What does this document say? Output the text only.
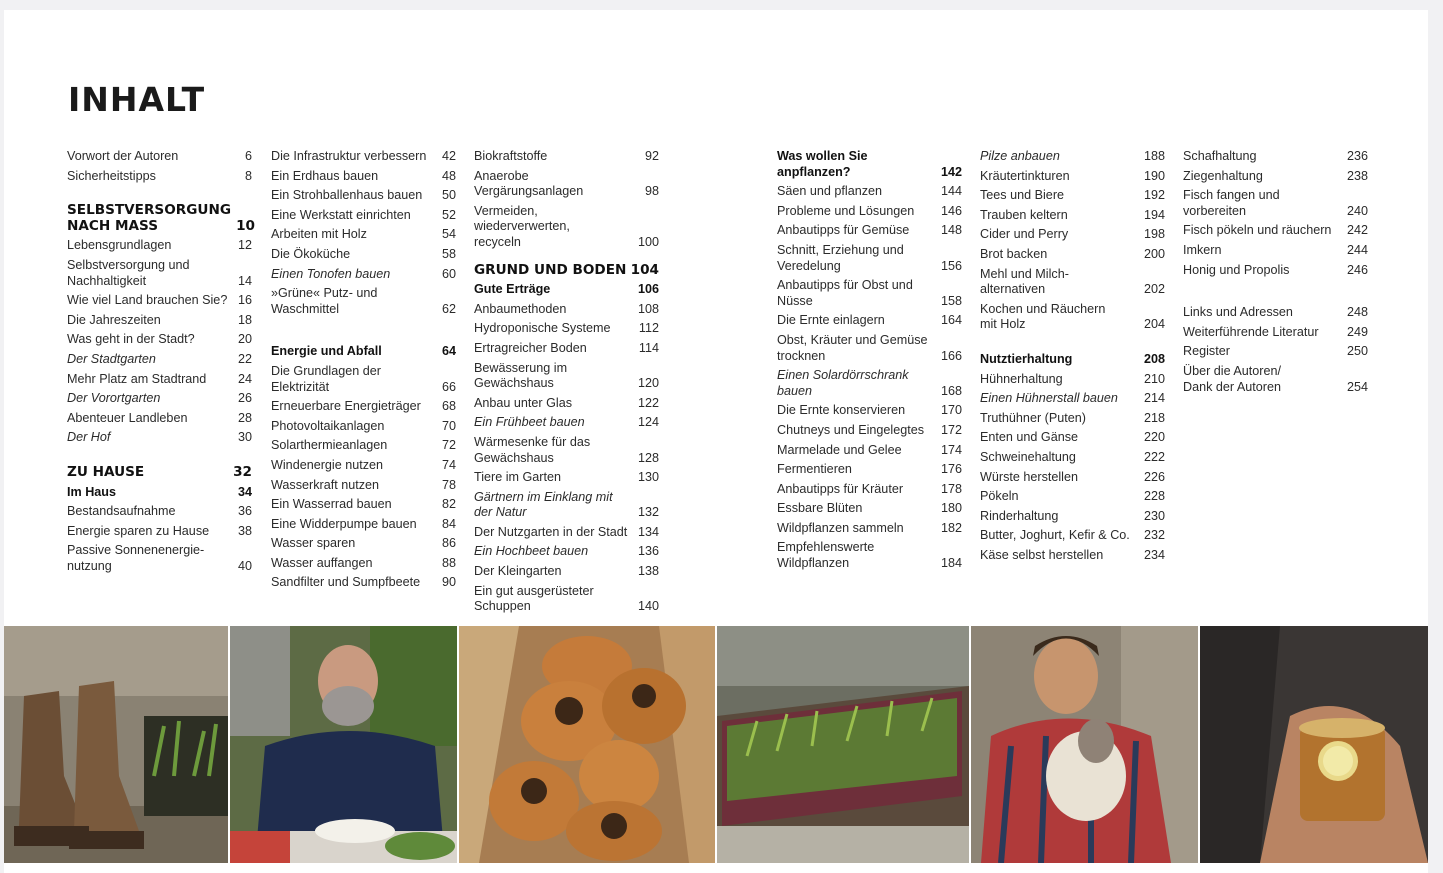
INHALT
Vorwort der Autoren	6
Sicherheitstipps	8
SELBSTVERSORGUNG
NACH MASS	10
Lebensgrundlagen	12
Selbstversorgung und
Nachhaltigkeit	14
Wie viel Land brauchen Sie? 16
Die Jahreszeiten	18
Was geht in der Stadt?	20
Der Stadtgarten	22
Mehr Platz am Stadtrand	24
Der Vorortgarten	26
Abenteuer Landleben	28
Der Hof	30
ZU HAUSE	32
Im Haus	34
Bestandsaufnahme	36
Energie sparen zu Hause	38
Passive Sonnenenergie-
nutzung	40
Die Infrastruktur verbessern	42
Ein Erdhaus bauen	48
Ein Strohballenhaus bauen	50
Eine Werkstatt einrichten	52
Arbeiten mit Holz	54
Die Ökoküche	58
Einen Tonofen bauen	60
»Grüne« Putz- und
Waschmittel	62
Energie und Abfall	64
Die Grundlagen der
Elektrizität	66
Erneuerbare Energieträger	68
Photovoltaikanlagen	70
Solarthermieanlagen	72
Windenergie nutzen	74
Wasserkraft nutzen	78
Ein Wasserrad bauen	82
Eine Widderpumpe bauen	84
Wasser sparen	86
Wasser auffangen	88
Sandfilter und Sumpfbeete	90
Biokraftstoffe	92
Anaerobe Vergärungsanlagen	98
Vermeiden, wiederverwerten,
recyceln	100
GRUND UND BODEN 104
Gute Erträge	106
Anbaumethoden	108
Hydroponische Systeme	112
Ertragreicher Boden	114
Bewässerung im
Gewächshaus	120
Anbau unter Glas	122
Ein Frühbeet bauen	124
Wärmesenke für das
Gewächshaus	128
Tiere im Garten	130
Gärtnern im Einklang mit
der Natur	132
Der Nutzgarten in der Stadt 134
Ein Hochbeet bauen	136
Der Kleingarten	138
Ein gut ausgerüsteter
Schuppen	140
Was wollen Sie
anpflanzen?	142
Säen und pflanzen	144
Probleme und Lösungen	146
Anbautipps für Gemüse	148
Schnitt, Erziehung und
Veredelung	156
Anbautipps für Obst und
Nüsse	158
Die Ernte einlagern	164
Obst, Kräuter und Gemüse
trocknen	166
Einen Solardörrschrank
bauen	168
Die Ernte konservieren	170
Chutneys und Eingelegtes	172
Marmelade und Gelee	174
Fermentieren	176
Anbautipps für Kräuter	178
Essbare Blüten	180
Wildpflanzen sammeln	182
Empfehlenswerte
Wildpflanzen	184
Pilze anbauen	188
Kräutertinkturen	190
Tees und Biere	192
Trauben keltern	194
Cider und Perry	198
Brot backen	200
Mehl und Milch-
alternativen	202
Kochen und Räuchern
mit Holz	204
Nutztierhaltung	208
Hühnerhaltung	210
Einen Hühnerstall bauen	214
Truthühner (Puten)	218
Enten und Gänse	220
Schweinehaltung	222
Würste herstellen	226
Pökeln	228
Rinderhaltung	230
Butter, Joghurt, Kefir & Co.	232
Käse selbst herstellen	234
Schafhaltung	236
Ziegenhaltung	238
Fisch fangen und
vorbereiten	240
Fisch pökeln und räuchern	242
Imkern	244
Honig und Propolis	246
Links und Adressen	248
Weiterführende Literatur	249
Register	250
Über die Autoren/
Dank der Autoren	254
